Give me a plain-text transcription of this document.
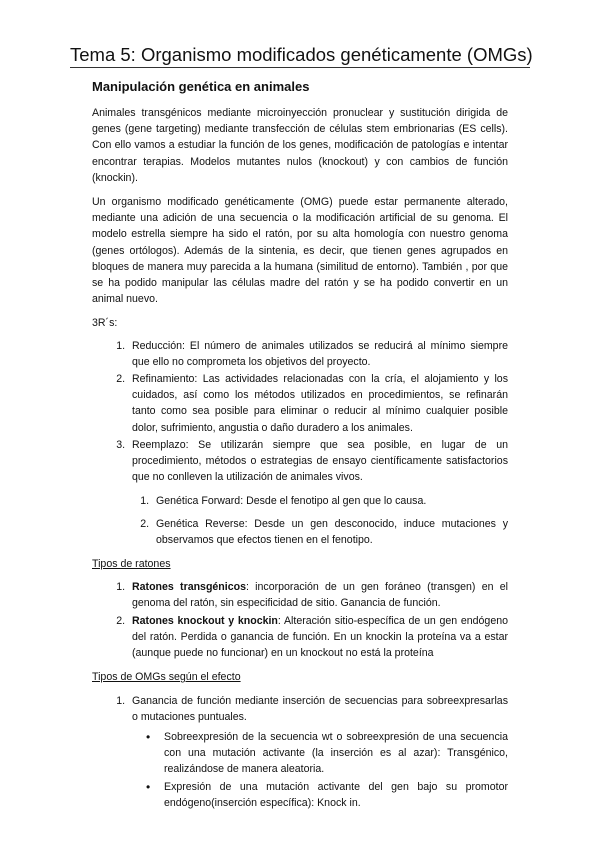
Tema 5: Organismo modificados genéticamente (OMGs)
Manipulación genética en animales

Animales transgénicos mediante microinyección pronuclear y sustitución dirigida de genes (gene targeting) mediante transfección de células stem embrionarias (ES cells). Con ello vamos a estudiar la función de los genes, modificación de patologías e intentar encontrar terapias. Modelos mutantes nulos (knockout) y con cambios de función (knockin).

Un organismo modificado genéticamente (OMG) puede estar permanente alterado, mediante una adición de una secuencia o la modificación artificial de su genoma. El modelo estrella siempre ha sido el ratón, por su alta homología con nuestro genoma (genes ortólogos). Además de la sintenia, es decir, que tienen genes agrupados en bloques de manera muy parecida a la humana (similitud de entorno). También , por que se ha podido manipular las células madre del ratón y se ha podido convertir en un animal nuevo.

3R´s:
1. Reducción: El número de animales utilizados se reducirá al mínimo siempre que ello no comprometa los objetivos del proyecto.
2. Refinamiento: Las actividades relacionadas con la cría, el alojamiento y los cuidados, así como los métodos utilizados en procedimientos, se refinarán tanto como sea posible para eliminar o reducir al mínimo cualquier posible dolor, sufrimiento, angustia o daño duradero a los animales.
3. Reemplazo: Se utilizarán siempre que sea posible, en lugar de un procedimiento, métodos o estrategias de ensayo científicamente satisfactorios que no conlleven la utilización de animales vivos.
1. Genética Forward: Desde el fenotipo al gen que lo causa.
2. Genética Reverse: Desde un gen desconocido, induce mutaciones y observamos que efectos tienen en el fenotipo.
Tipos de ratones
1. Ratones transgénicos: incorporación de un gen foráneo (transgen) en el genoma del ratón, sin especificidad de sitio. Ganancia de función.
2. Ratones knockout y knockin: Alteración sitio-específica de un gen endógeno del ratón. Perdida o ganancia de función. En un knockin la proteína va a estar (aunque puede no funcionar) en un knockout no está la proteína
Tipos de OMGs según el efecto
1. Ganancia de función mediante inserción de secuencias para sobreexpresarlas o mutaciones puntuales.
• Sobreexpresión de la secuencia wt o sobreexpresión de una secuencia con una mutación activante (la inserción es al azar): Transgénico, realizándose de manera aleatoria.
• Expresión de una mutación activante del gen bajo su promotor endógeno(inserción específica): Knock in.
